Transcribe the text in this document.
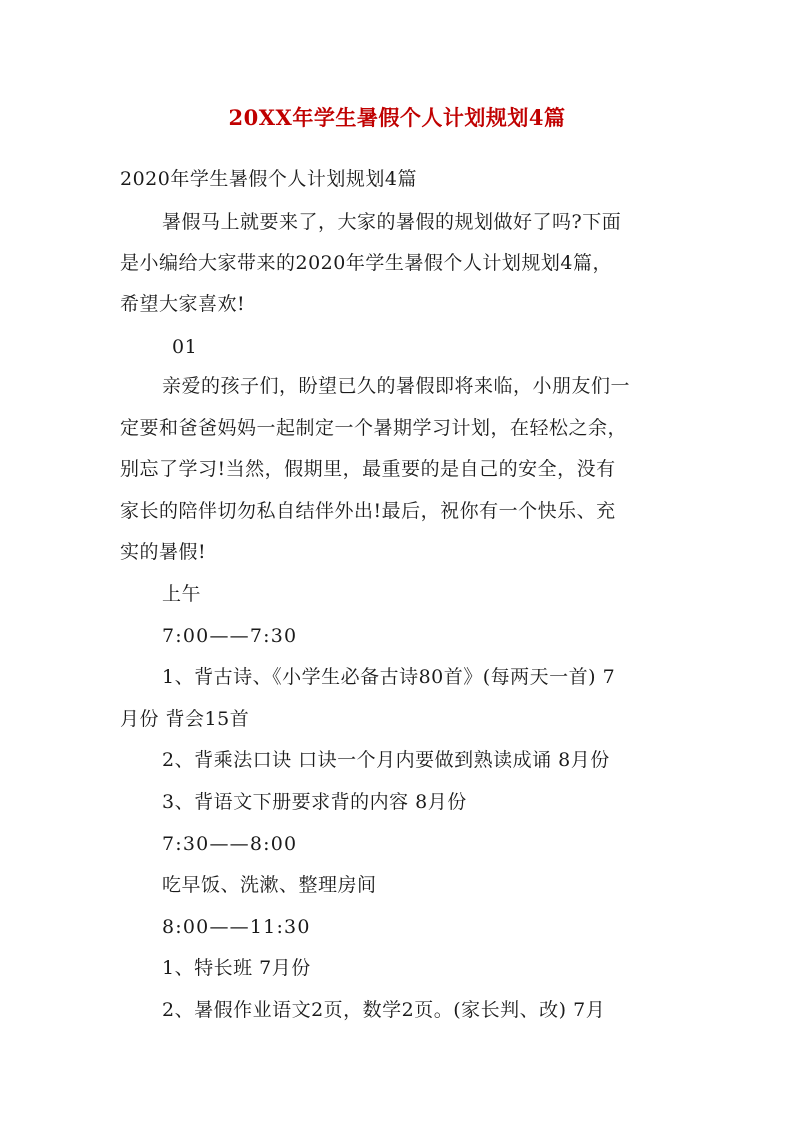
20XX年学生暑假个人计划规划4篇
2020年学生暑假个人计划规划4篇
暑假马上就要来了，大家的暑假的规划做好了吗?下面
是小编给大家带来的2020年学生暑假个人计划规划4篇，
希望大家喜欢!
01
亲爱的孩子们，盼望已久的暑假即将来临，小朋友们一
定要和爸爸妈妈一起制定一个暑期学习计划，在轻松之余，
别忘了学习!当然，假期里，最重要的是自己的安全，没有
家长的陪伴切勿私自结伴外出!最后，祝你有一个快乐、充
实的暑假!
上午
7:00——7:30
1、背古诗、《小学生必备古诗80首》(每两天一首) 7
月份 背会15首
2、背乘法口诀 口诀一个月内要做到熟读成诵 8月份
3、背语文下册要求背的内容 8月份
7:30——8:00
吃早饭、洗漱、整理房间
8:00——11:30
1、特长班 7月份
2、暑假作业语文2页，数学2页。(家长判、改) 7月
